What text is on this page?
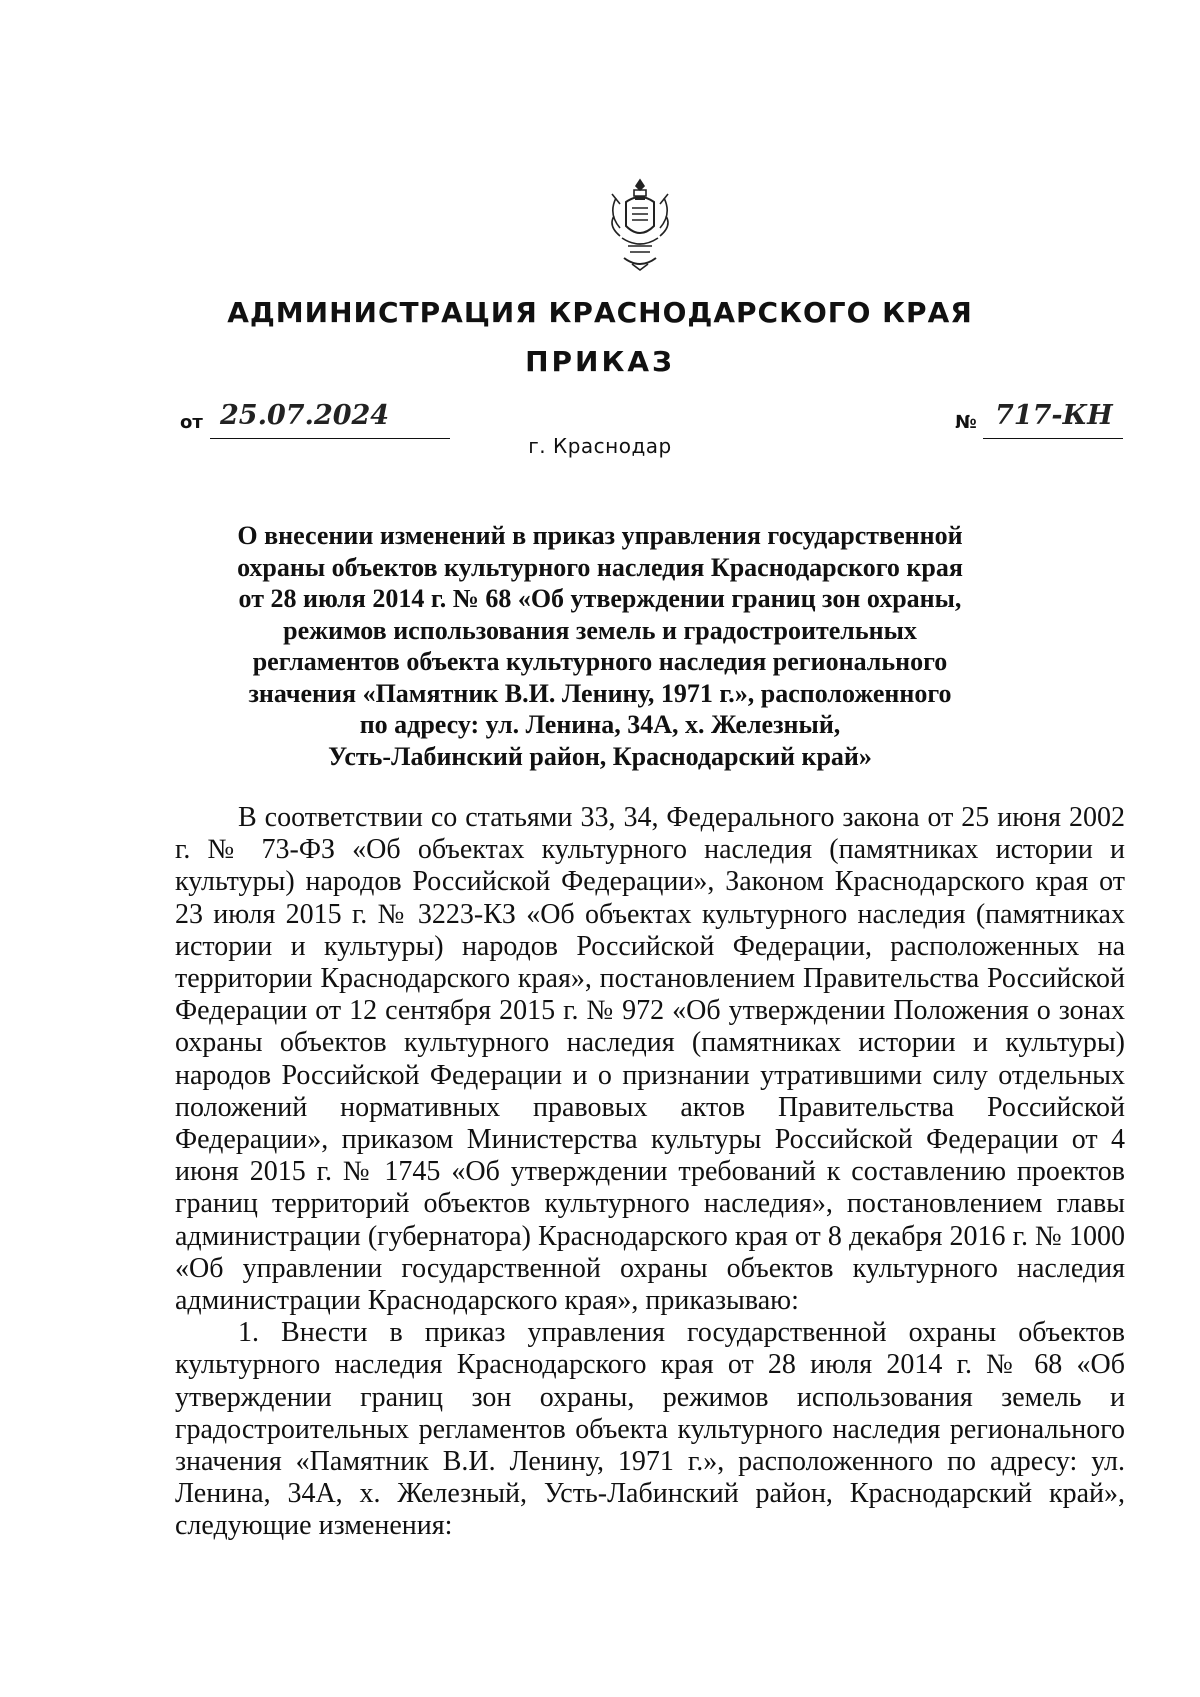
АДМИНИСТРАЦИЯ КРАСНОДАРСКОГО КРАЯ
ПРИКАЗ
от 25.07.2024	№ 717-КН
г. Краснодар
О внесении изменений в приказ управления государственной
охраны объектов культурного наследия Краснодарского края
от 28 июля 2014 г. № 68 «Об утверждении границ зон охраны,
режимов использования земель и градостроительных
регламентов объекта культурного наследия регионального
значения «Памятник В.И. Ленину, 1971 г.», расположенного
по адресу: ул. Ленина, 34А, х. Железный,
Усть-Лабинский район, Краснодарский край»

В соответствии со статьями 33, 34, Федерального закона от 25 июня 2002 г. № 73-ФЗ «Об объектах культурного наследия (памятниках истории и культуры) народов Российской Федерации», Законом Краснодарского края от 23 июля 2015 г. № 3223-КЗ «Об объектах культурного наследия (памятниках истории и культуры) народов Российской Федерации, расположенных на территории Краснодарского края», постановлением Правительства Российской Федерации от 12 сентября 2015 г. № 972 «Об утверждении Положения о зонах охраны объектов культурного наследия (памятниках истории и культуры) народов Российской Федерации и о признании утратившими силу отдельных положений нормативных правовых актов Правительства Российской Федерации», приказом Министерства культуры Российской Федерации от 4 июня 2015 г. № 1745 «Об утверждении требований к составлению проектов границ территорий объектов культурного наследия», постановлением главы администрации (губернатора) Краснодарского края от 8 декабря 2016 г. № 1000 «Об управлении государственной охраны объектов культурного наследия администрации Краснодарского края», приказываю:

1. Внести в приказ управления государственной охраны объектов культурного наследия Краснодарского края от 28 июля 2014 г. № 68 «Об утверждении границ зон охраны, режимов использования земель и градостроительных регламентов объекта культурного наследия регионального значения «Памятник В.И. Ленину, 1971 г.», расположенного по адресу: ул. Ленина, 34А, х. Железный, Усть-Лабинский район, Краснодарский край», следующие изменения:
